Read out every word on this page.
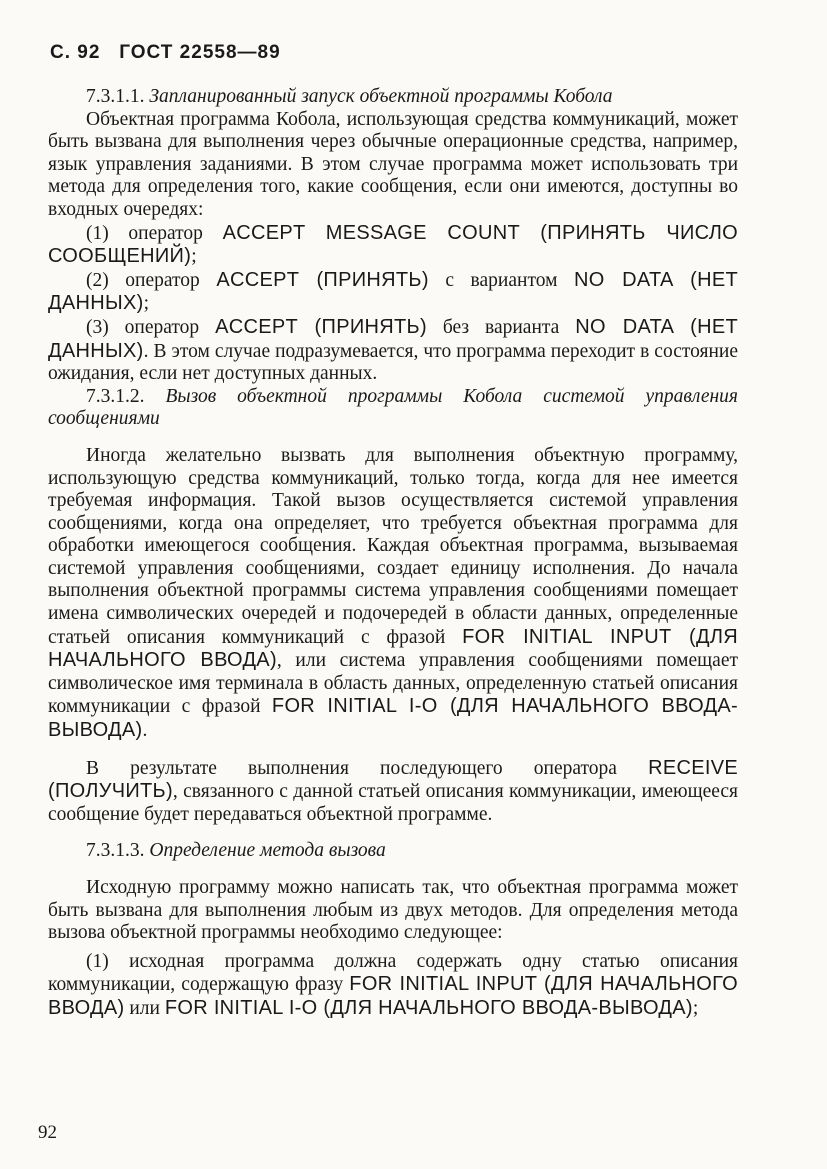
С. 92   ГОСТ 22558—89

7.3.1.1. Запланированный запуск объектной программы Кобола

Объектная программа Кобола, использующая средства коммуникаций, может быть вызвана для выполнения через обычные операционные средства, например, язык управления заданиями. В этом случае программа может использовать три метода для определения того, какие сообщения, если они имеются, доступны во входных очередях:

(1) оператор ACCEPT MESSAGE COUNT (ПРИНЯТЬ ЧИСЛО СООБЩЕНИЙ);

(2) оператор ACCEPT (ПРИНЯТЬ) с вариантом NO DATA (НЕТ ДАННЫХ);

(3) оператор ACCEPT (ПРИНЯТЬ) без варианта NO DATA (НЕТ ДАННЫХ). В этом случае подразумевается, что программа переходит в состояние ожидания, если нет доступных данных.

7.3.1.2. Вызов объектной программы Кобола системой управления сообщениями

Иногда желательно вызвать для выполнения объектную программу, использующую средства коммуникаций, только тогда, когда для нее имеется требуемая информация. Такой вызов осуществляется системой управления сообщениями, когда она определяет, что требуется объектная программа для обработки имеющегося сообщения. Каждая объектная программа, вызываемая системой управления сообщениями, создает единицу исполнения. До начала выполнения объектной программы система управления сообщениями помещает имена символических очередей и подочередей в области данных, определенные статьей описания коммуникаций с фразой FOR INITIAL INPUT (ДЛЯ НАЧАЛЬНОГО ВВОДА), или система управления сообщениями помещает символическое имя терминала в область данных, определенную статьей описания коммуникации с фразой FOR INITIAL I-O (ДЛЯ НАЧАЛЬНОГО ВВОДА-ВЫВОДА).

В результате выполнения последующего оператора RECEIVE (ПОЛУЧИТЬ), связанного с данной статьей описания коммуникации, имеющееся сообщение будет передаваться объектной программе.

7.3.1.3. Определение метода вызова

Исходную программу можно написать так, что объектная программа может быть вызвана для выполнения любым из двух методов. Для определения метода вызова объектной программы необходимо следующее:

(1) исходная программа должна содержать одну статью описания коммуникации, содержащую фразу FOR INITIAL INPUT (ДЛЯ НАЧАЛЬНОГО ВВОДА) или FOR INITIAL I-O (ДЛЯ НАЧАЛЬНОГО ВВОДА-ВЫВОДА);

92
